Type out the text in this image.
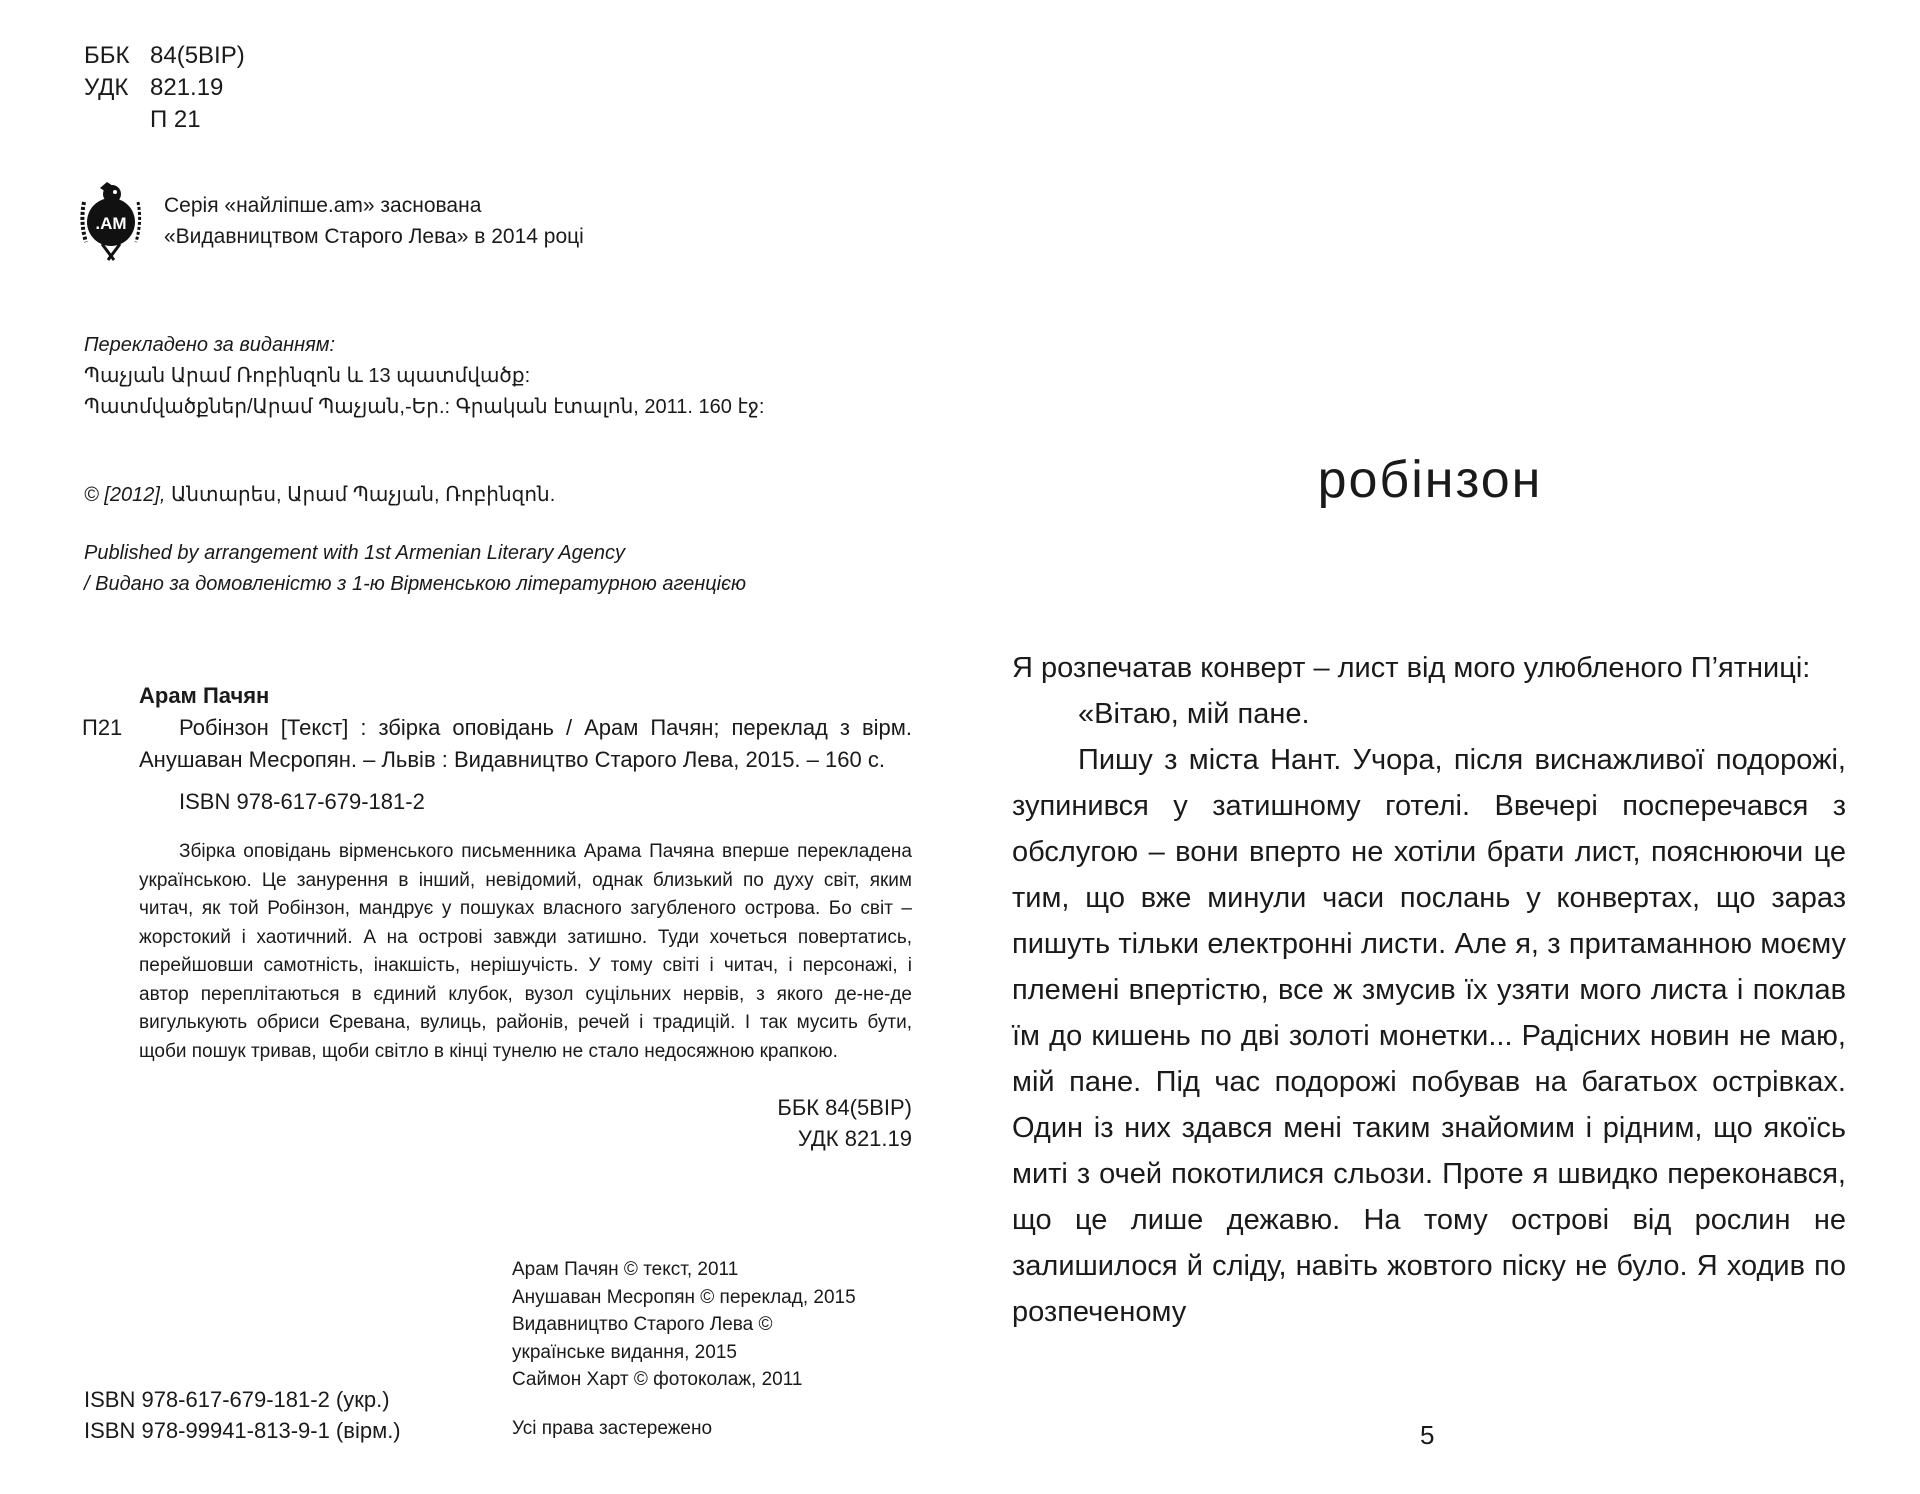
ББК 84(5ВІР)
УДК 821.19
П 21
.AM
Серія «найліпше.am» заснована
«Видавництвом Старого Лева» в 2014 році
Перекладено за виданням:
Պաչյան Արամ Ռոբինզոն և 13 պատմվածք:
Պատմվածքներ/Արամ Պաչյան,-Եր.: Գրական էտալոն, 2011. 160 էջ:
© [2012], Անտարես, Արամ Պաչյան, Ռոբինզոն.
Published by arrangement with 1st Armenian Literary Agency
/ Видано за домовленістю з 1-ю Вірменською літературною агенцією
Арам Пачян
П21	Робінзон [Текст] : збірка оповідань / Арам Пачян; переклад з вірм. Анушаван Месропян. – Львів : Видавництво Старого Лева, 2015. – 160 с.
ISBN 978-617-679-181-2
Збірка оповідань вірменського письменника Арама Пачяна вперше перекладена українською. Це занурення в інший, невідомий, однак близький по духу світ, яким читач, як той Робінзон, мандрує у пошуках власного загубленого острова. Бо світ – жорстокий і хаотичний. А на острові завжди затишно. Туди хочеться повертатись, перейшовши самотність, інакшість, нерішучість. У тому світі і читач, і персонажі, і автор переплітаються в єдиний клубок, вузол суцільних нервів, з якого де-не-де вигулькують обриси Єревана, вулиць, районів, речей і традицій. І так мусить бути, щоби пошук тривав, щоби світло в кінці тунелю не стало недосяжною крапкою.
ББК 84(5ВІР)
УДК 821.19
Арам Пачян © текст, 2011
Анушаван Месропян © переклад, 2015
Видавництво Старого Лева ©
українське видання, 2015
Саймон Харт © фотоколаж, 2011
ISBN 978-617-679-181-2 (укр.)
ISBN 978-99941-813-9-1 (вірм.)	Усі права застережено
робінзон

Я розпечатав конверт – лист від мого улюбленого П’ятниці:

«Вітаю, мій пане.

Пишу з міста Нант. Учора, після виснажливої подорожі, зупинився у затишному готелі. Ввечері посперечався з обслугою – вони вперто не хотіли брати лист, пояснюючи це тим, що вже минули часи послань у конвертах, що зараз пишуть тільки електронні листи. Але я, з притаманною моєму племені впертістю, все ж змусив їх узяти мого листа і поклав їм до кишень по дві золоті монетки... Радісних новин не маю, мій пане. Під час подорожі побував на багатьох острівках. Один із них здався мені таким знайомим і рідним, що якоїсь миті з очей покотилися сльози. Проте я швидко переконався, що це лише дежавю. На тому острові від рослин не залишилося й сліду, навіть жовтого піску не було. Я ходив по розпеченому

5
